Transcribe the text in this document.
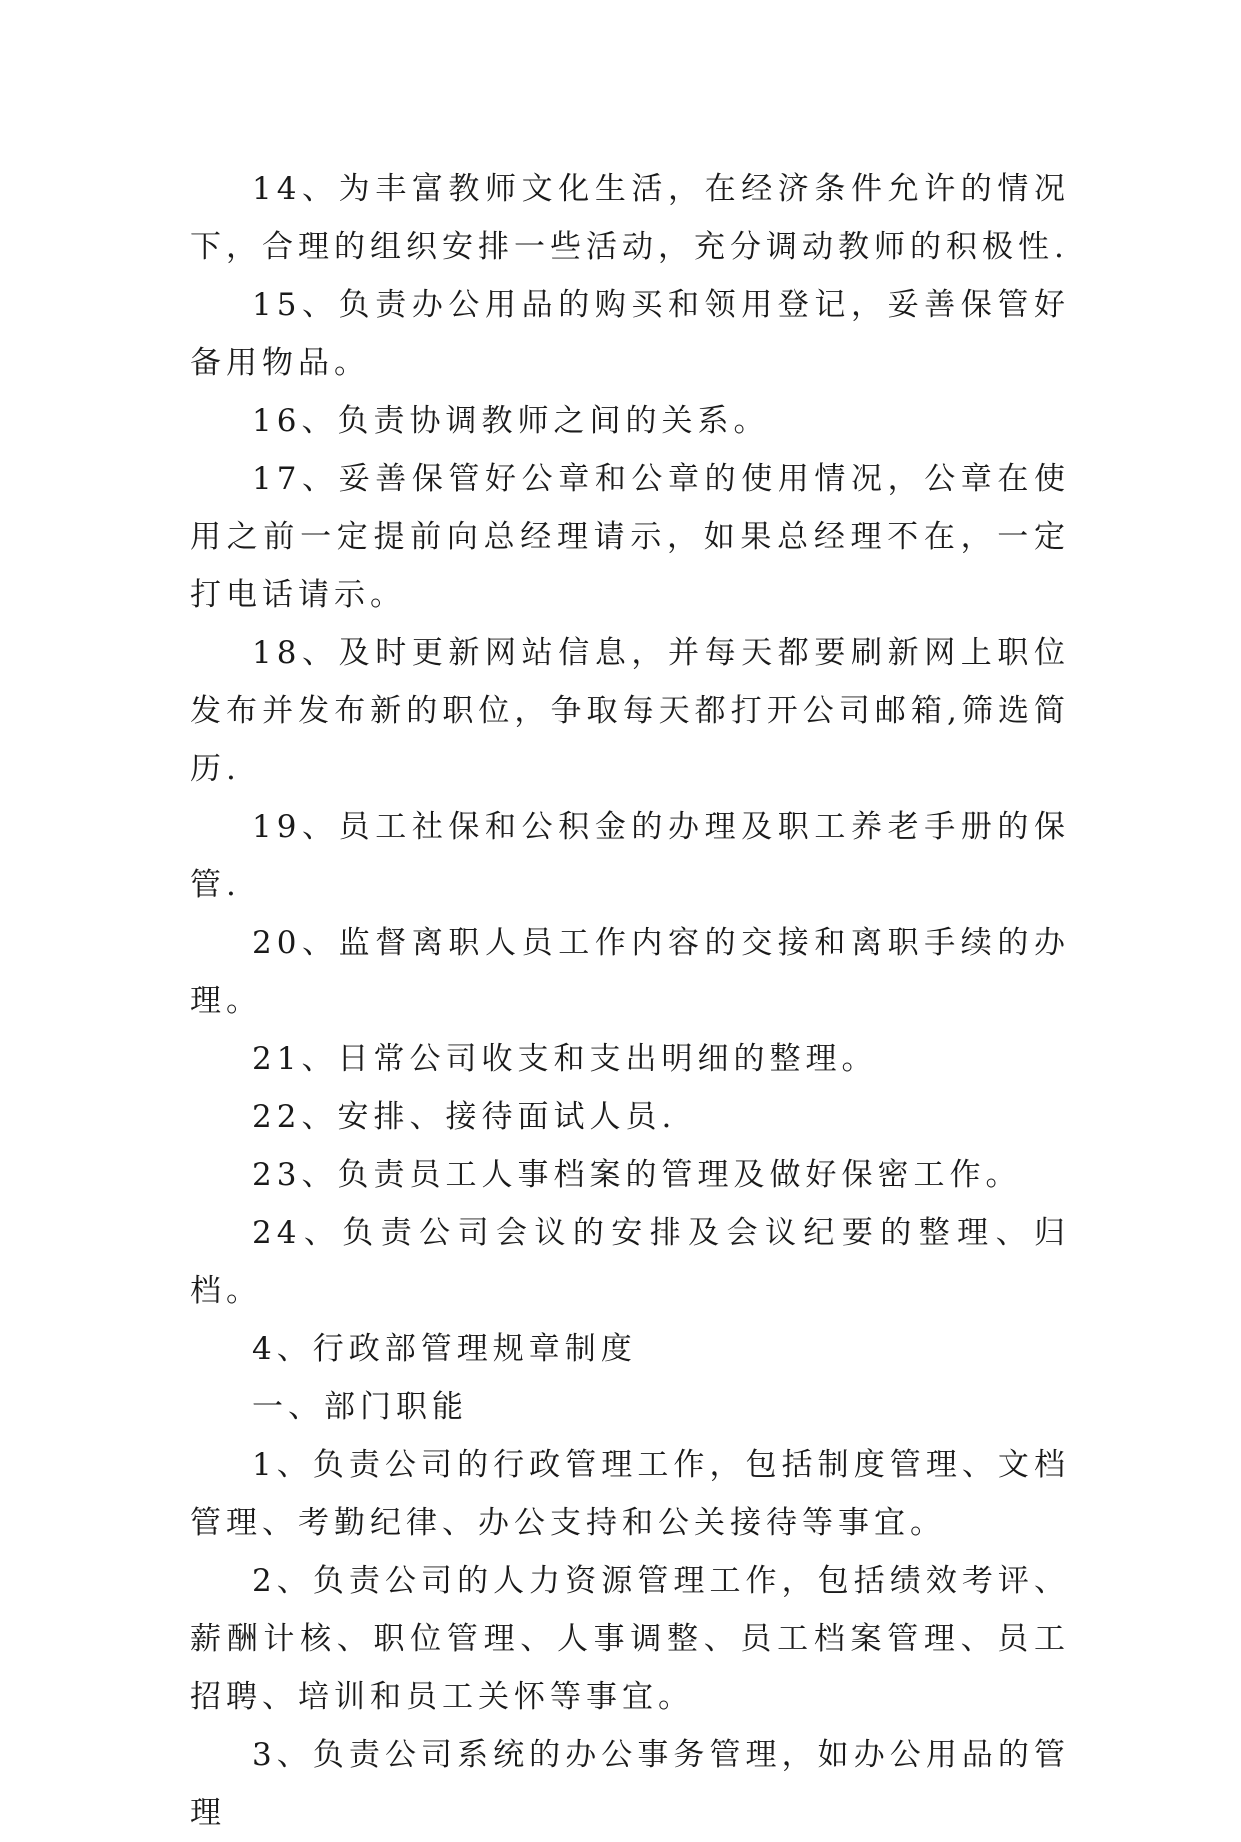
14、为丰富教师文化生活，在经济条件允许的情况下，合理的组织安排一些活动，充分调动教师的积极性.

15、负责办公用品的购买和领用登记，妥善保管好备用物品。

16、负责协调教师之间的关系。

17、妥善保管好公章和公章的使用情况，公章在使用之前一定提前向总经理请示，如果总经理不在，一定打电话请示。

18、及时更新网站信息，并每天都要刷新网上职位发布并发布新的职位，争取每天都打开公司邮箱,筛选简历.

19、员工社保和公积金的办理及职工养老手册的保管.

20、监督离职人员工作内容的交接和离职手续的办理。

21、日常公司收支和支出明细的整理。

22、安排、接待面试人员.

23、负责员工人事档案的管理及做好保密工作。

24、负责公司会议的安排及会议纪要的整理、归档。

4、行政部管理规章制度

一、部门职能

1、负责公司的行政管理工作，包括制度管理、文档管理、考勤纪律、办公支持和公关接待等事宜。

2、负责公司的人力资源管理工作，包括绩效考评、薪酬计核、职位管理、人事调整、员工档案管理、员工招聘、培训和员工关怀等事宜。

3、负责公司系统的办公事务管理，如办公用品的管理
